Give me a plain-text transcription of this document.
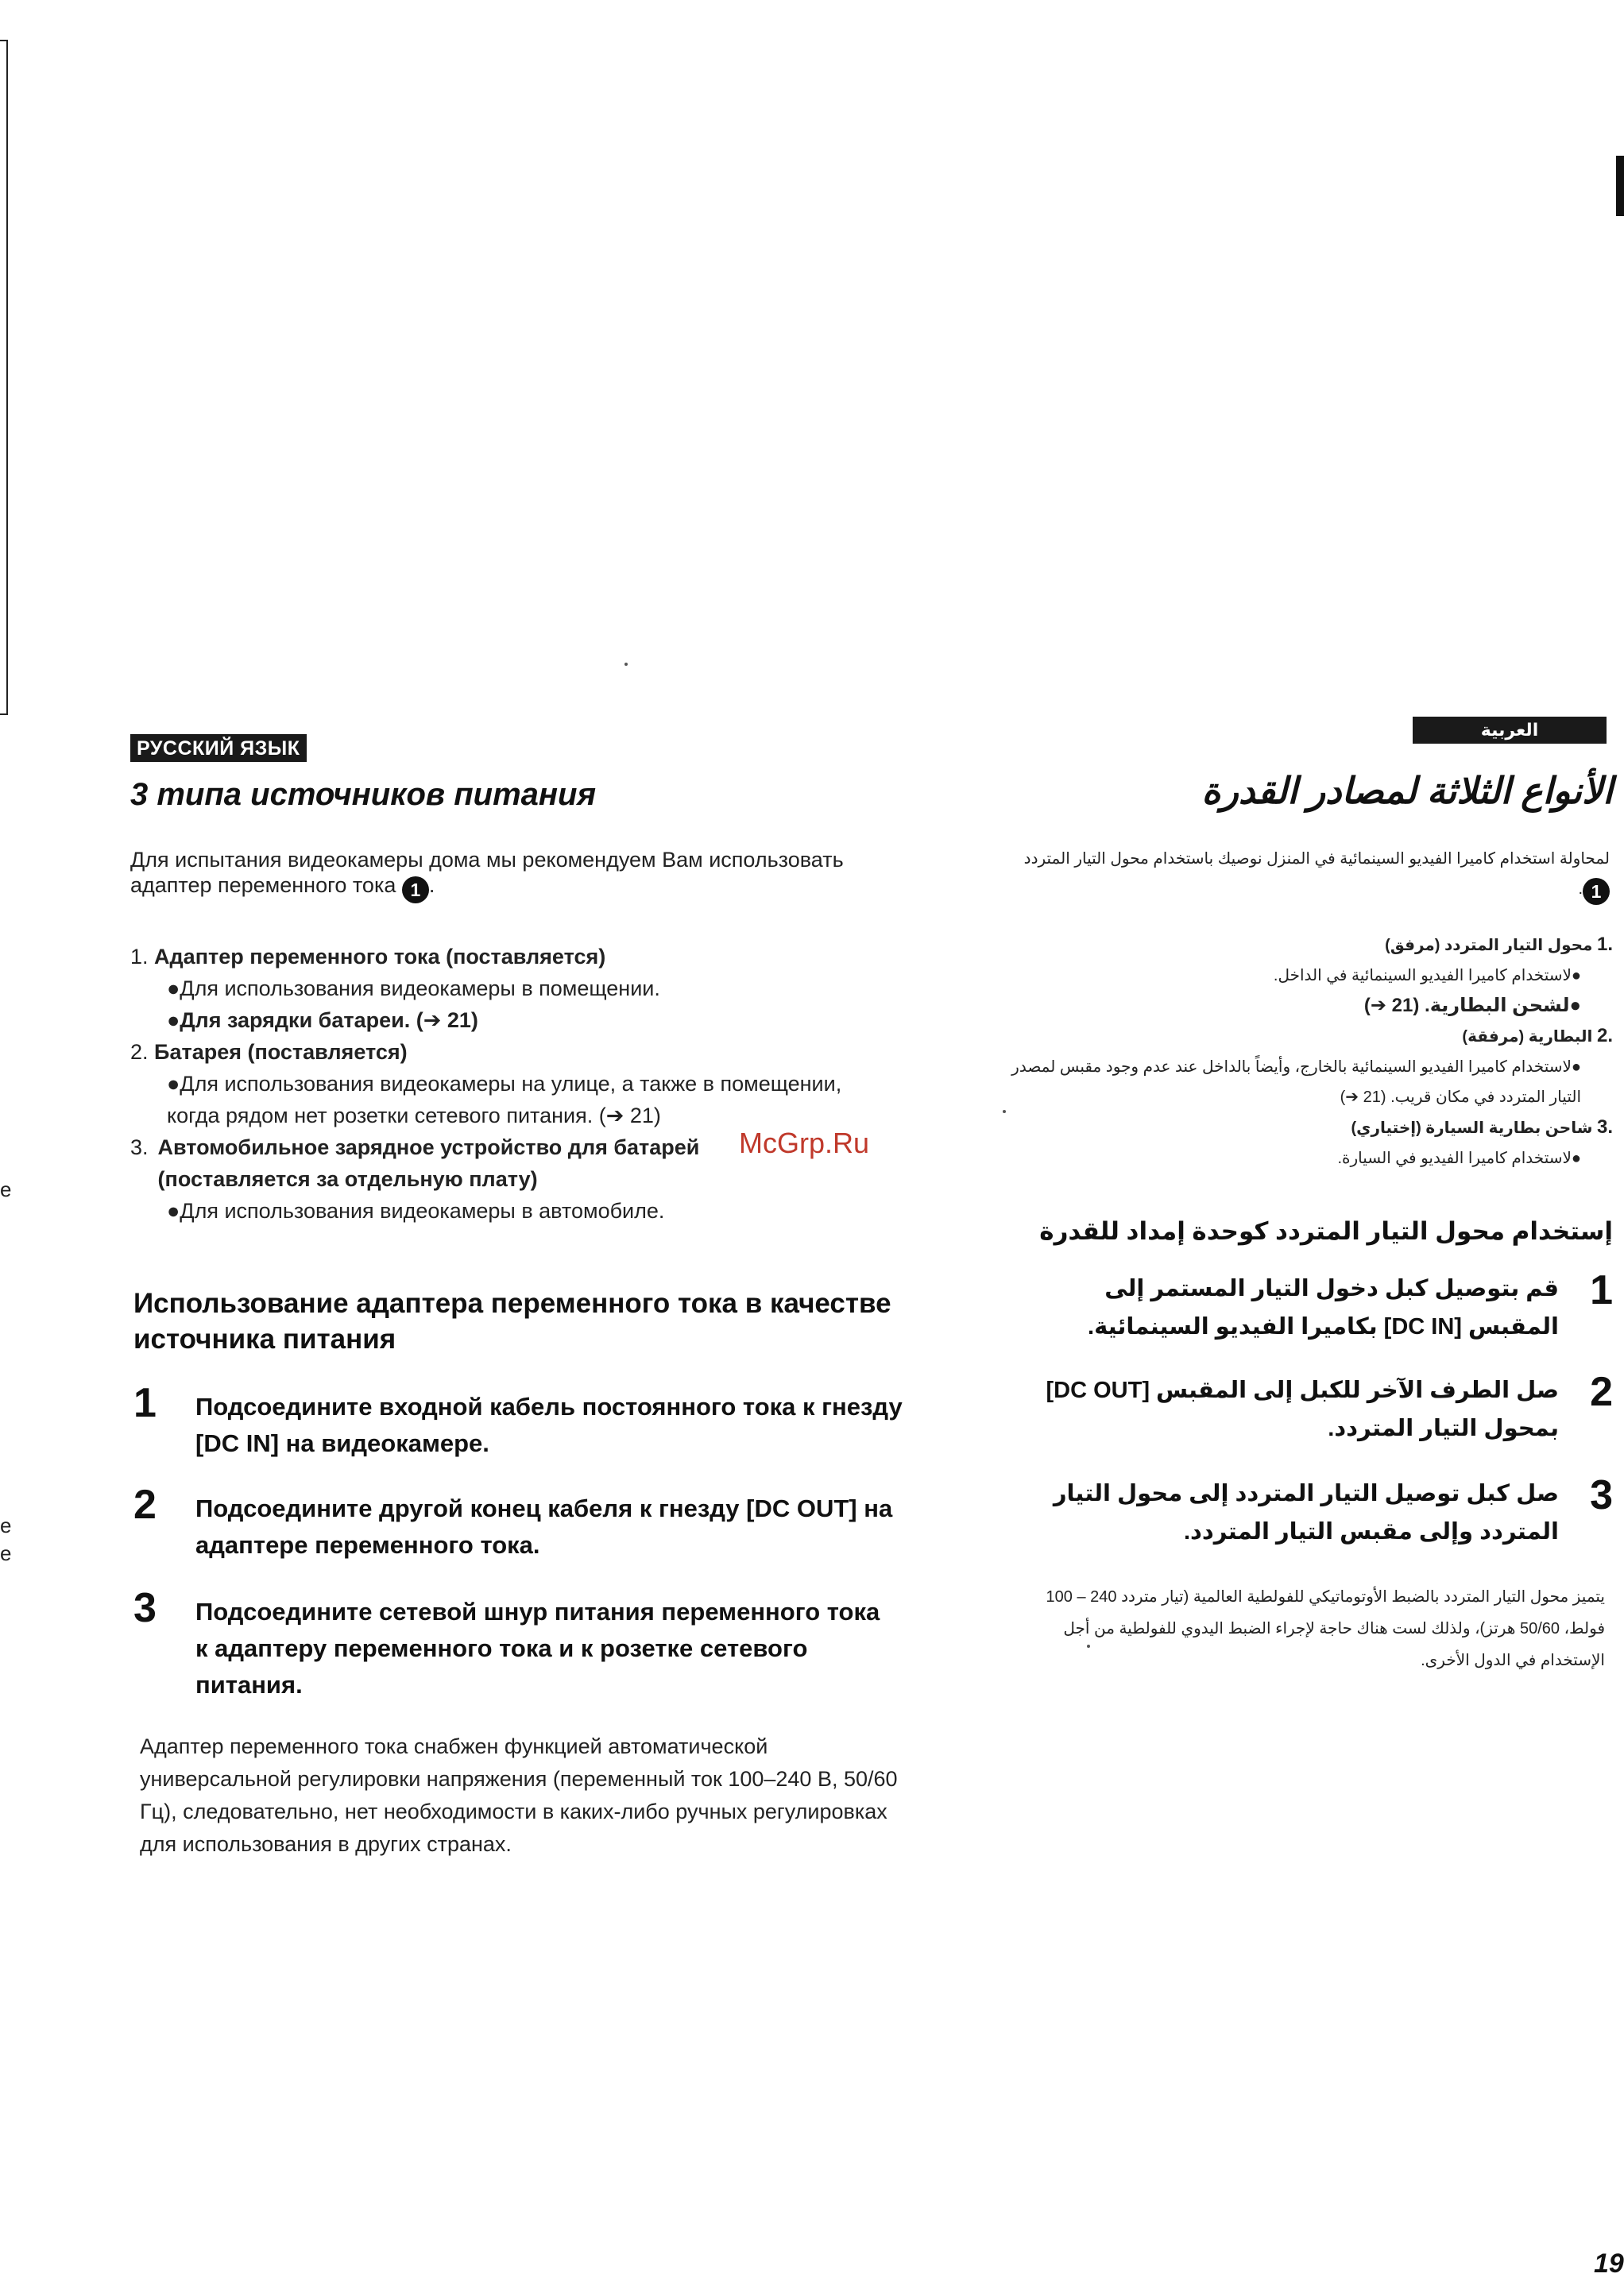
e
e
e
РУССКИЙ ЯЗЫК
3 типа источников питания
Для испытания видеокамеры дома мы рекомендуем Вам использовать адаптер переменного тока 1 .
1. Адаптер переменного тока (поставляется)
●Для использования видеокамеры в помещении.
●Для зарядки батареи. (➔ 21)
2. Батарея (поставляется)
●Для использования видеокамеры на улице, а также в помещении, когда рядом нет розетки сетевого питания. (➔ 21)
3. Автомобильное зарядное устройство для батарей (поставляется за отдельную плату)
●Для использования видеокамеры в автомобиле.
Использование адаптера переменного тока в качестве источника питания
1 Подсоедините входной кабель постоянного тока к гнезду [DC IN] на видеокамере.
2 Подсоедините другой конец кабеля к гнезду [DC OUT] на адаптере переменного тока.
3 Подсоедините сетевой шнур питания переменного тока к адаптеру переменного тока и к розетке сетевого питания.
Адаптер переменного тока снабжен функцией автоматической универсальной регулировки напряжения (переменный ток 100–240 В, 50/60 Гц), следовательно, нет необходимости в каких-либо ручных регулировках для использования в других странах.
McGrp.Ru
العربية
الأنواع الثلاثة لمصادر القدرة
لمحاولة استخدام كاميرا الفيديو السينمائية في المنزل نوصيك باستخدام محول التيار المتردد 1.
.1 محول التيار المتردد (مرفق)
●لاستخدام كاميرا الفيديو السينمائية في الداخل.
●لشحن البطارية. (21 ➔)
.2 البطارية (مرفقة)
●لاستخدام كاميرا الفيديو السينمائية بالخارج، وأيضاً بالداخل عند عدم وجود مقبس لمصدر التيار المتردد في مكان قريب. (21 ➔)
.3 شاحن بطارية السيارة (إختياري)
●لاستخدام كاميرا الفيديو في السيارة.
إستخدام محول التيار المتردد كوحدة إمداد للقدرة
1
قم بتوصيل كبل دخول التيار المستمر إلى المقبس [DC IN] بكاميرا الفيديو السينمائية.
2
صل الطرف الآخر للكبل إلى المقبس [DC OUT] بمحول التيار المتردد.
3
صل كبل توصيل التيار المتردد إلى محول التيار المتردد وإلى مقبس التيار المتردد.
يتميز محول التيار المتردد بالضبط الأوتوماتيكي للفولطية العالمية (تيار متردد 240 – 100 فولط، 50/60 هرتز)، ولذلك لست هناك حاجة لإجراء الضبط اليدوي للفولطية من أجل الإستخدام في الدول الأخرى.
19
